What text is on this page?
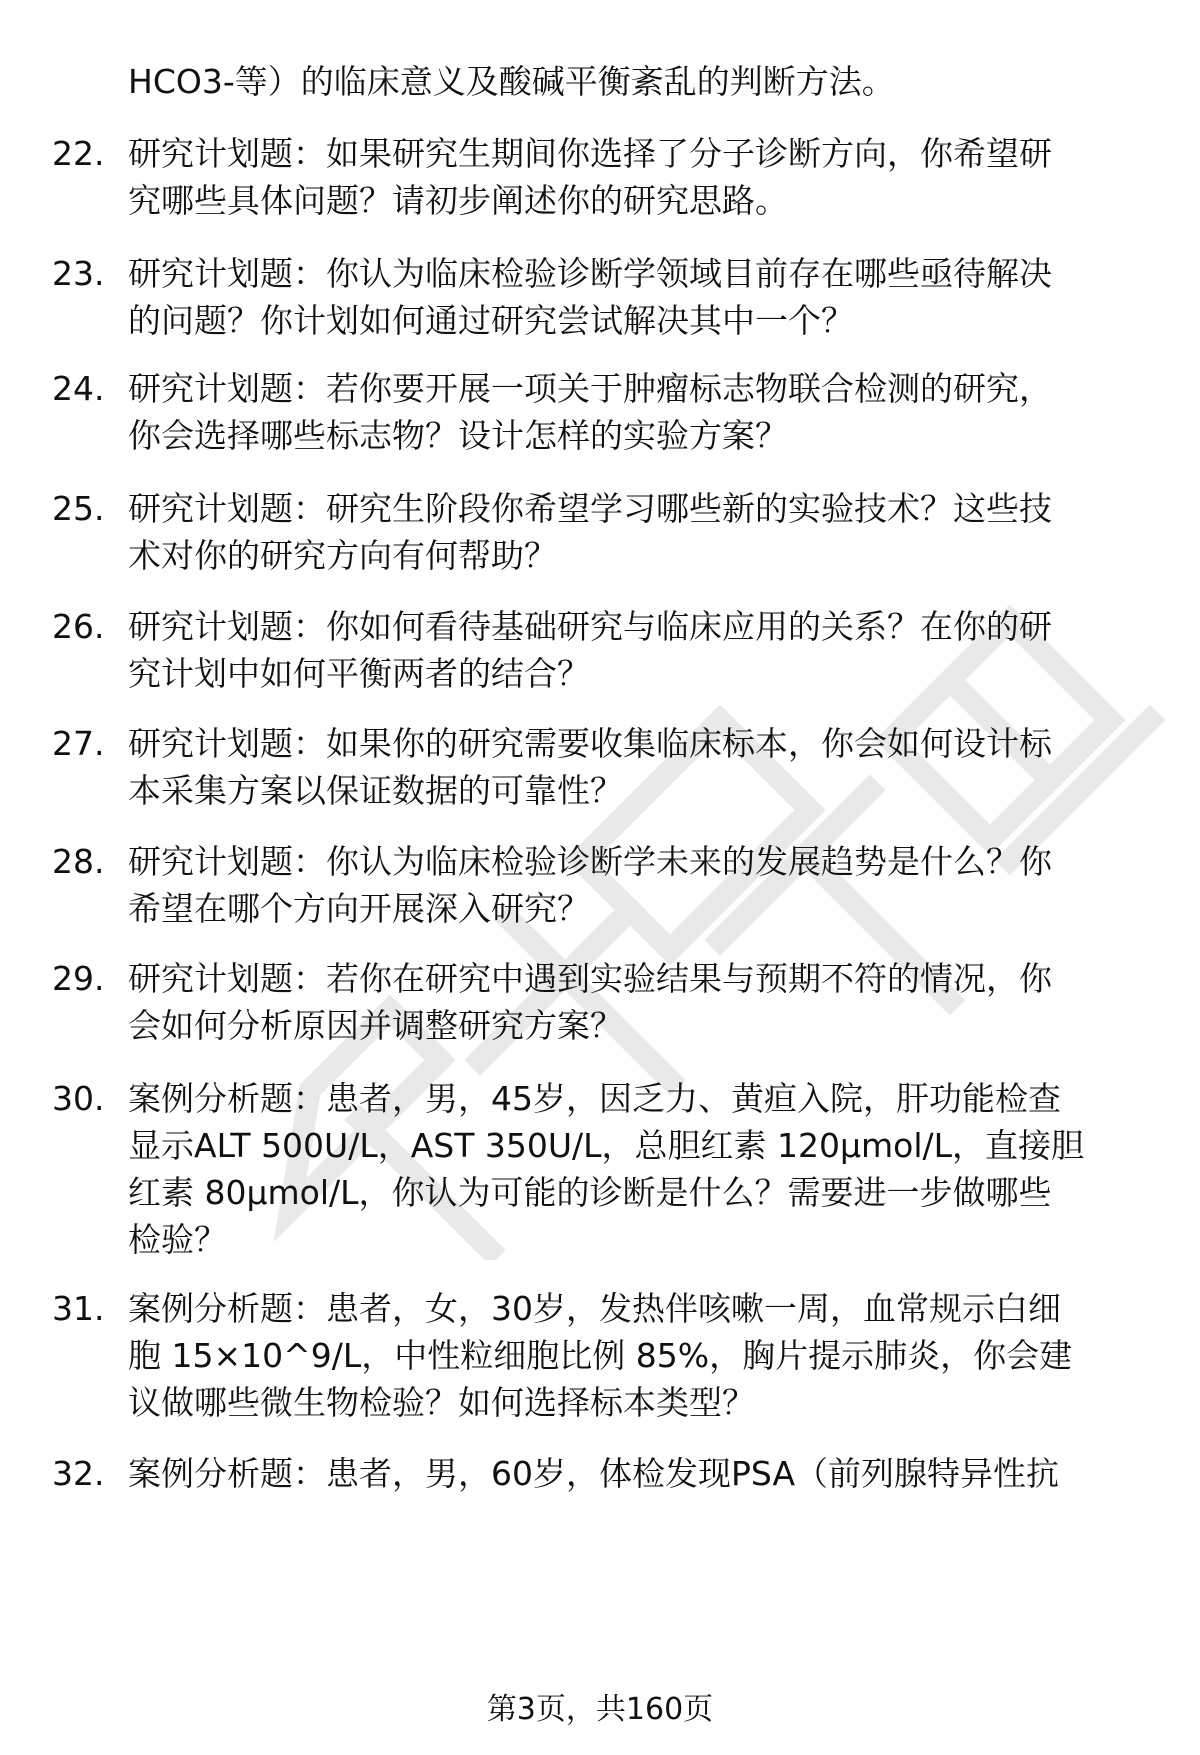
HCO3-等）的临床意义及酸碱平衡紊乱的判断方法。
22. 研究计划题：如果研究生期间你选择了分子诊断方向，你希望研
究哪些具体问题？请初步阐述你的研究思路。
23. 研究计划题：你认为临床检验诊断学领域目前存在哪些亟待解决
的问题？你计划如何通过研究尝试解决其中一个？
24. 研究计划题：若你要开展一项关于肿瘤标志物联合检测的研究，
你会选择哪些标志物？设计怎样的实验方案？
25. 研究计划题：研究生阶段你希望学习哪些新的实验技术？这些技
术对你的研究方向有何帮助？
26. 研究计划题：你如何看待基础研究与临床应用的关系？在你的研
究计划中如何平衡两者的结合？
27. 研究计划题：如果你的研究需要收集临床标本，你会如何设计标
本采集方案以保证数据的可靠性？
28. 研究计划题：你认为临床检验诊断学未来的发展趋势是什么？你
希望在哪个方向开展深入研究？
29. 研究计划题：若你在研究中遇到实验结果与预期不符的情况，你
会如何分析原因并调整研究方案？
30. 案例分析题：患者，男，45岁，因乏力、黄疸入院，肝功能检查
显示ALT 500U/L，AST 350U/L，总胆红素 120μmol/L，直接胆
红素 80μmol/L，你认为可能的诊断是什么？需要进一步做哪些
检验？
31. 案例分析题：患者，女，30岁，发热伴咳嗽一周，血常规示白细
胞 15×10^9/L，中性粒细胞比例 85%，胸片提示肺炎，你会建
议做哪些微生物检验？如何选择标本类型？
32. 案例分析题：患者，男，60岁，体检发现PSA（前列腺特异性抗
第3页，共160页
